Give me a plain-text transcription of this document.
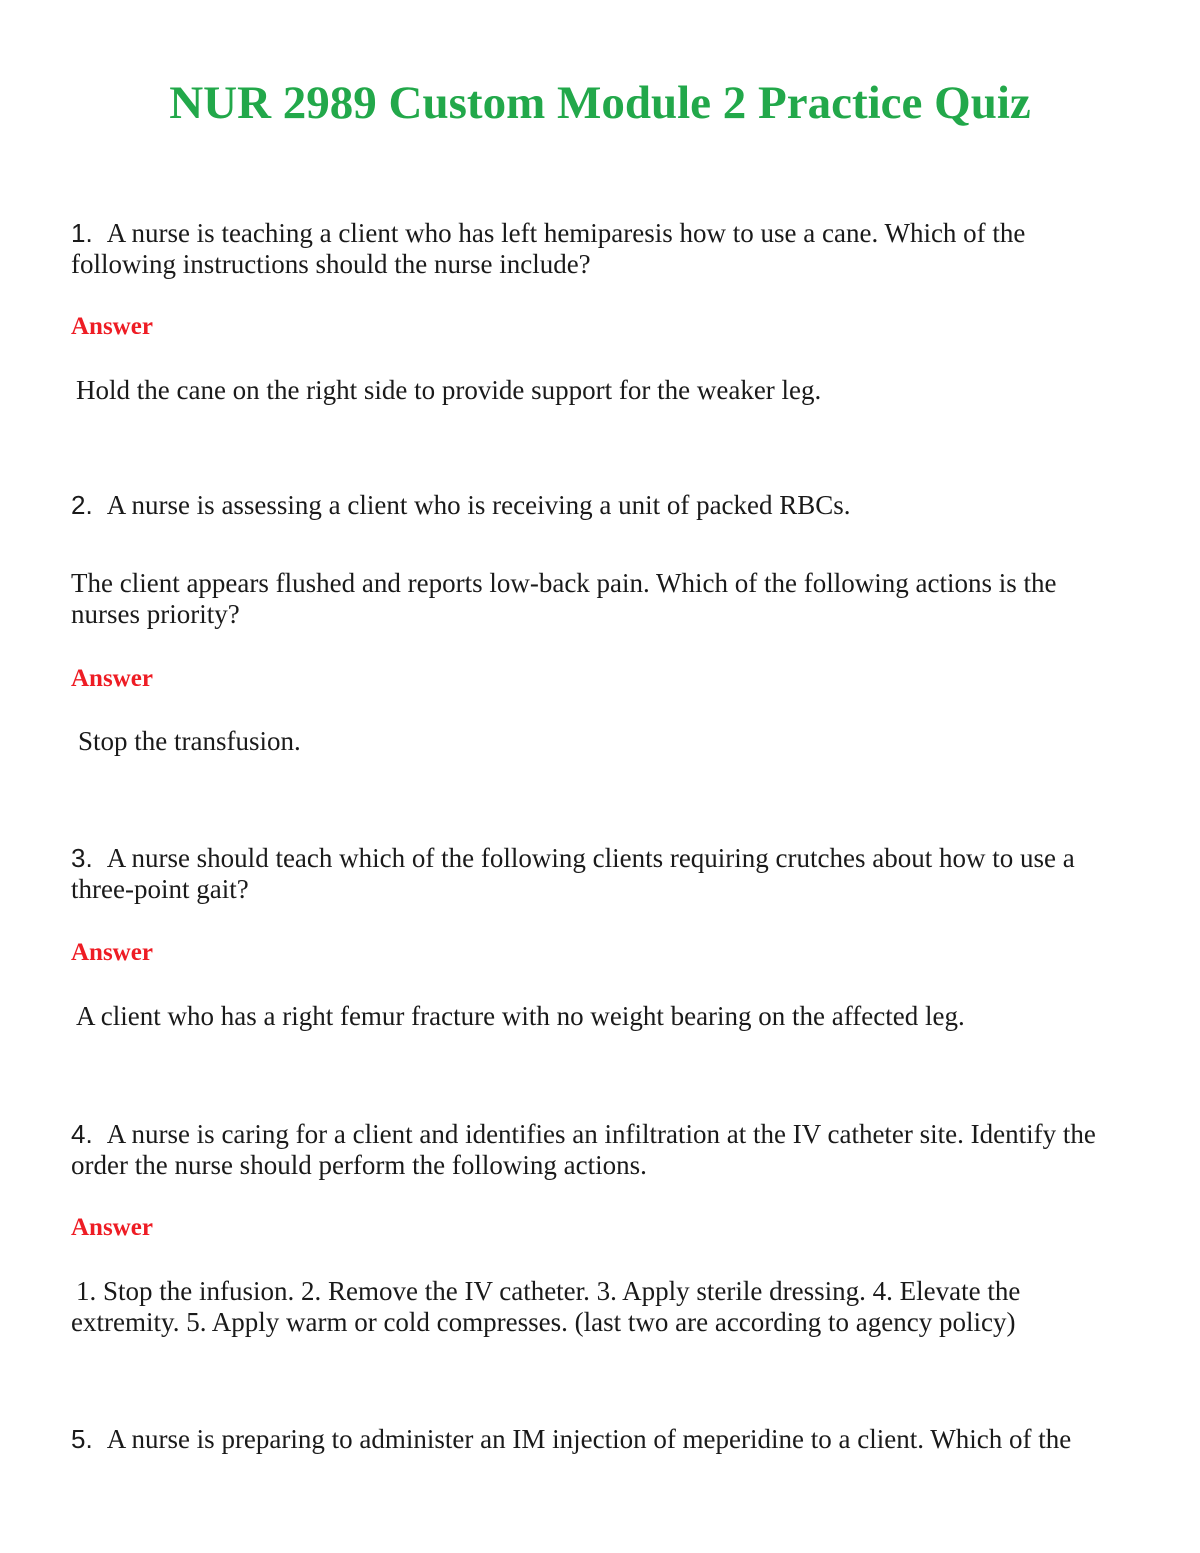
NUR 2989 Custom Module 2 Practice Quiz
1. A nurse is teaching a client who has left hemiparesis how to use a cane. Which of the following instructions should the nurse include?
Answer
Hold the cane on the right side to provide support for the weaker leg.
2. A nurse is assessing a client who is receiving a unit of packed RBCs.
The client appears flushed and reports low-back pain. Which of the following actions is the nurses priority?
Answer
Stop the transfusion.
3. A nurse should teach which of the following clients requiring crutches about how to use a three-point gait?
Answer
A client who has a right femur fracture with no weight bearing on the affected leg.
4. A nurse is caring for a client and identifies an infiltration at the IV catheter site. Identify the order the nurse should perform the following actions.
Answer
1. Stop the infusion. 2. Remove the IV catheter. 3. Apply sterile dressing. 4. Elevate the extremity. 5. Apply warm or cold compresses. (last two are according to agency policy)
5. A nurse is preparing to administer an IM injection of meperidine to a client. Which of the
